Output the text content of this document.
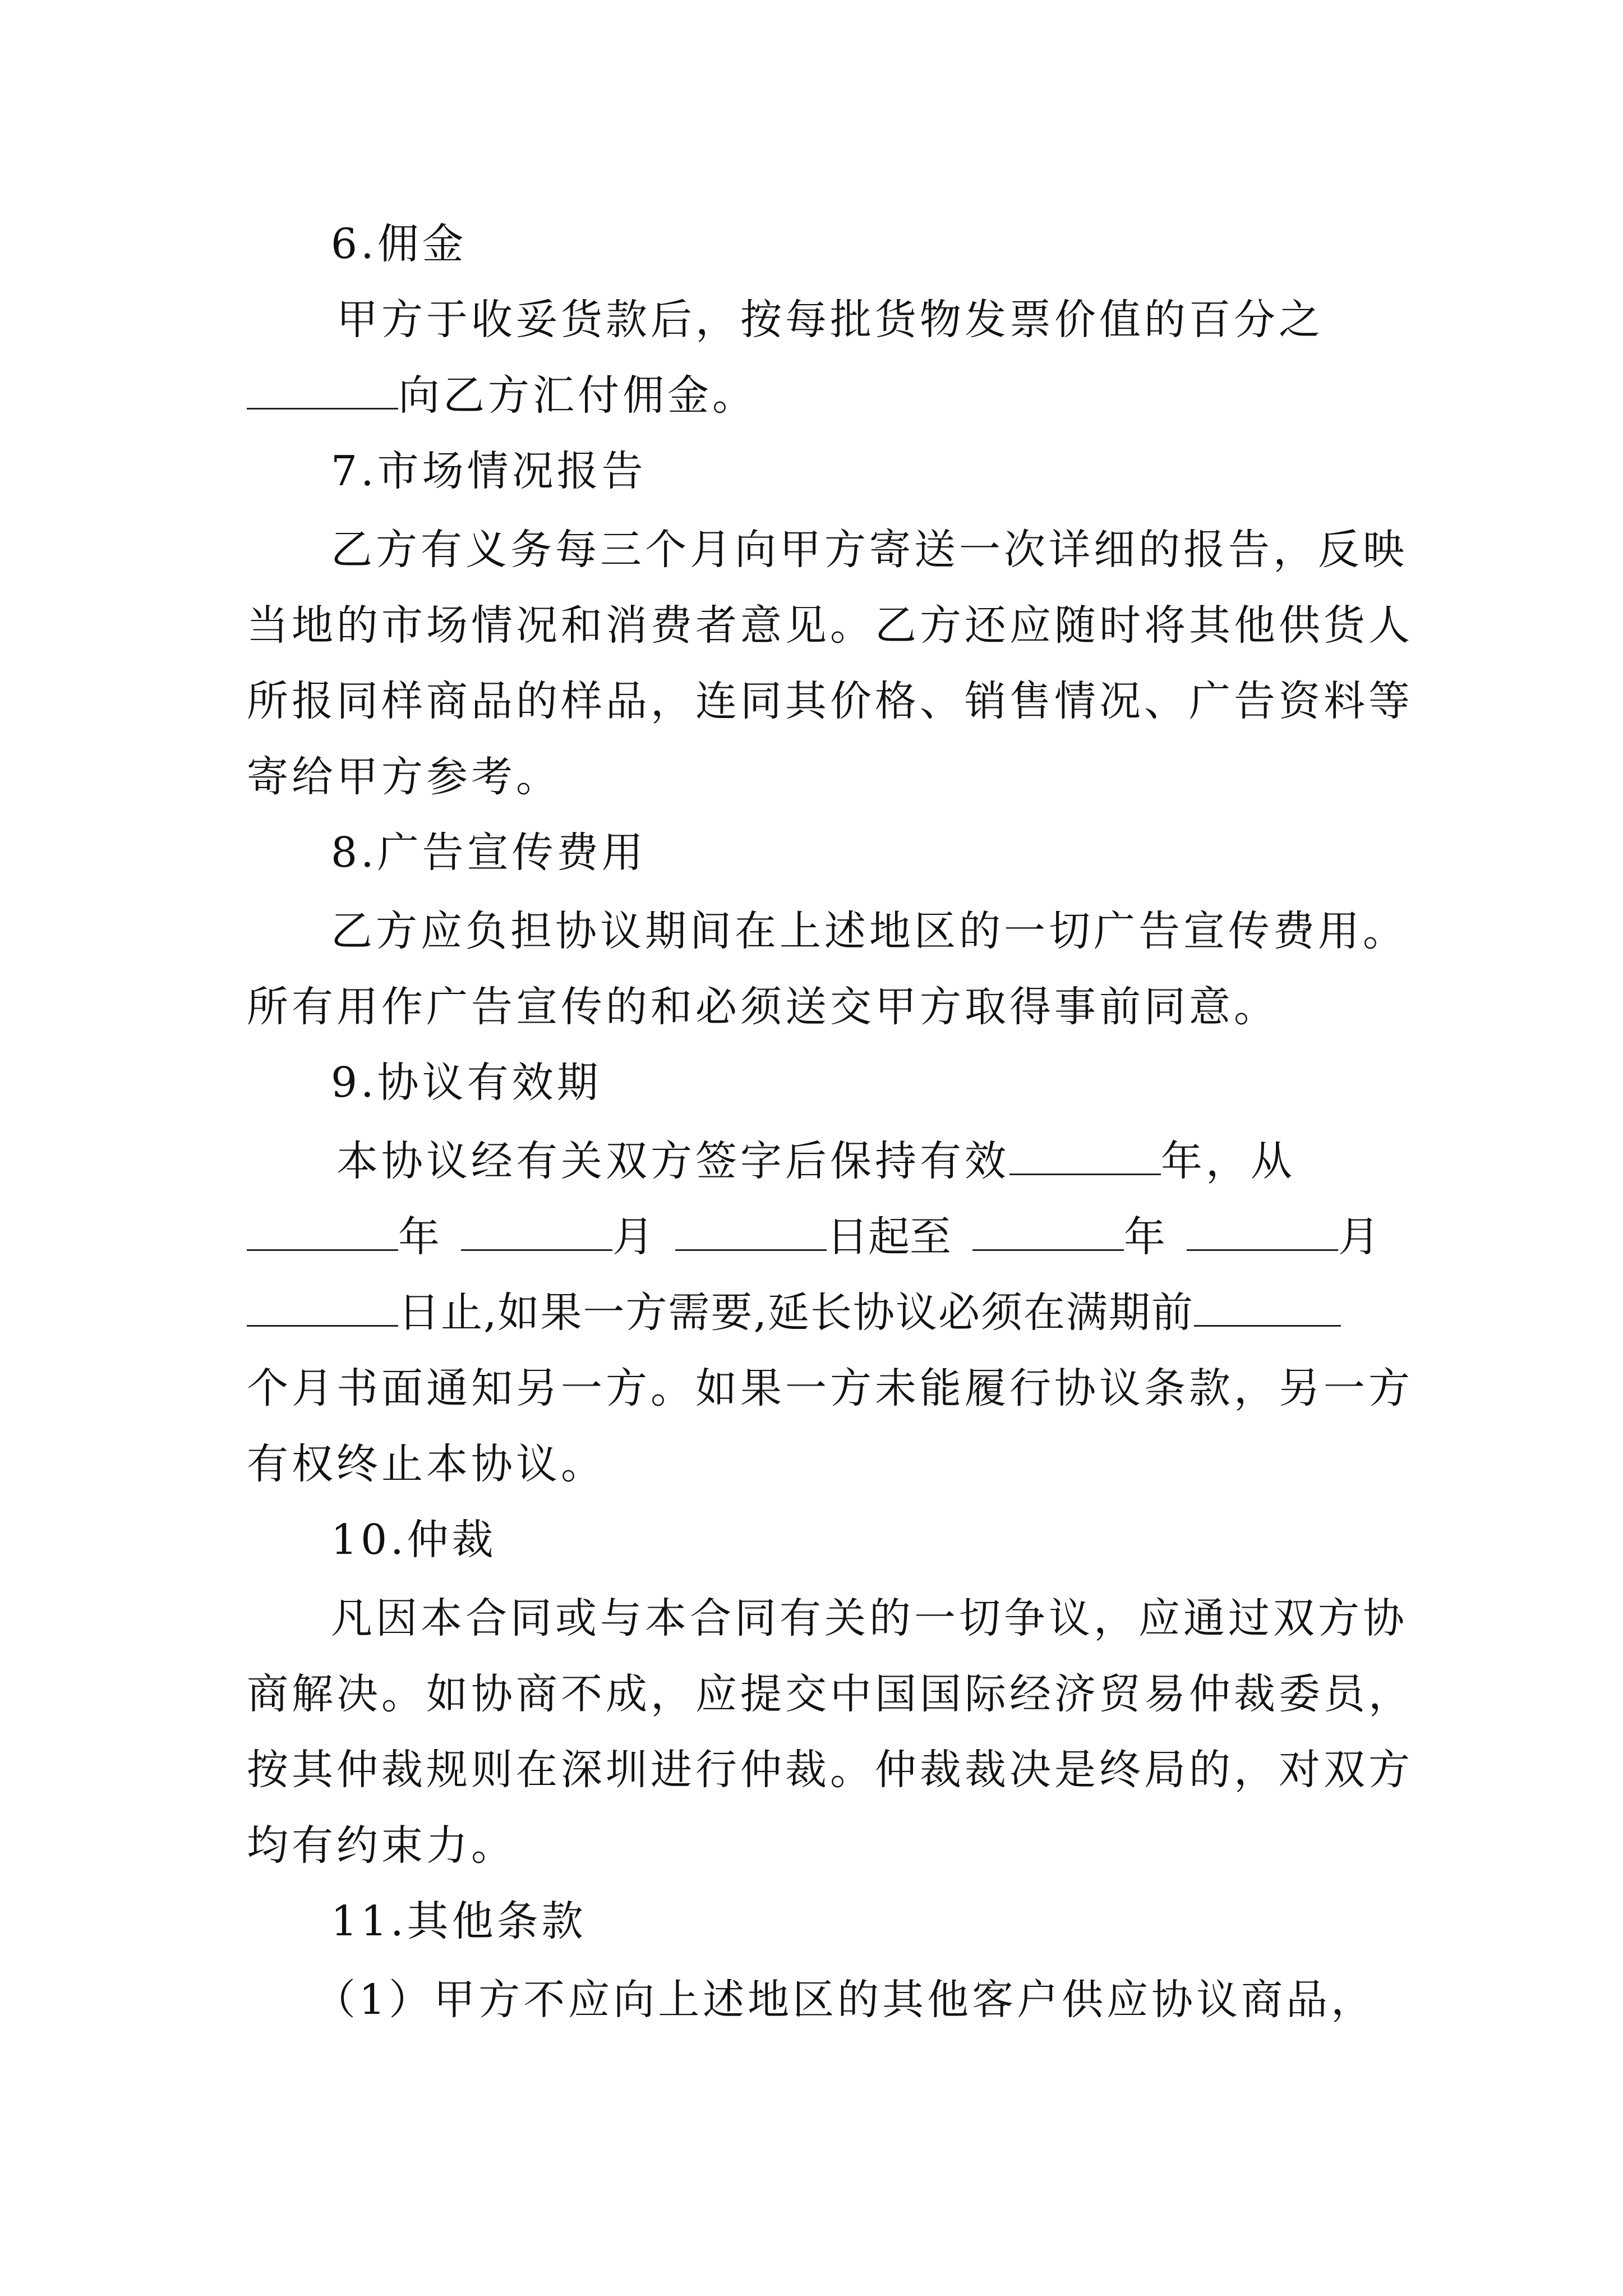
6.佣金
甲方于收妥货款后，按每批货物发票价值的百分之
向乙方汇付佣金。
7.市场情况报告
乙方有义务每三个月向甲方寄送一次详细的报告，反映
当地的市场情况和消费者意见。乙方还应随时将其他供货人
所报同样商品的样品，连同其价格、销售情况、广告资料等
寄给甲方参考。
8.广告宣传费用
乙方应负担协议期间在上述地区的一切广告宣传费用。
所有用作广告宣传的和必须送交甲方取得事前同意。
9.协议有效期
本协议经有关双方签字后保持有效	年，从
年	月	日起至	年	月
日止,如果一方需要,延长协议必须在满期前
个月书面通知另一方。如果一方未能履行协议条款，另一方
有权终止本协议。
10.仲裁
凡因本合同或与本合同有关的一切争议，应通过双方协
商解决。如协商不成，应提交中国国际经济贸易仲裁委员，
按其仲裁规则在深圳进行仲裁。仲裁裁决是终局的，对双方
均有约束力。
11.其他条款
（1）甲方不应向上述地区的其他客户供应协议商品，
